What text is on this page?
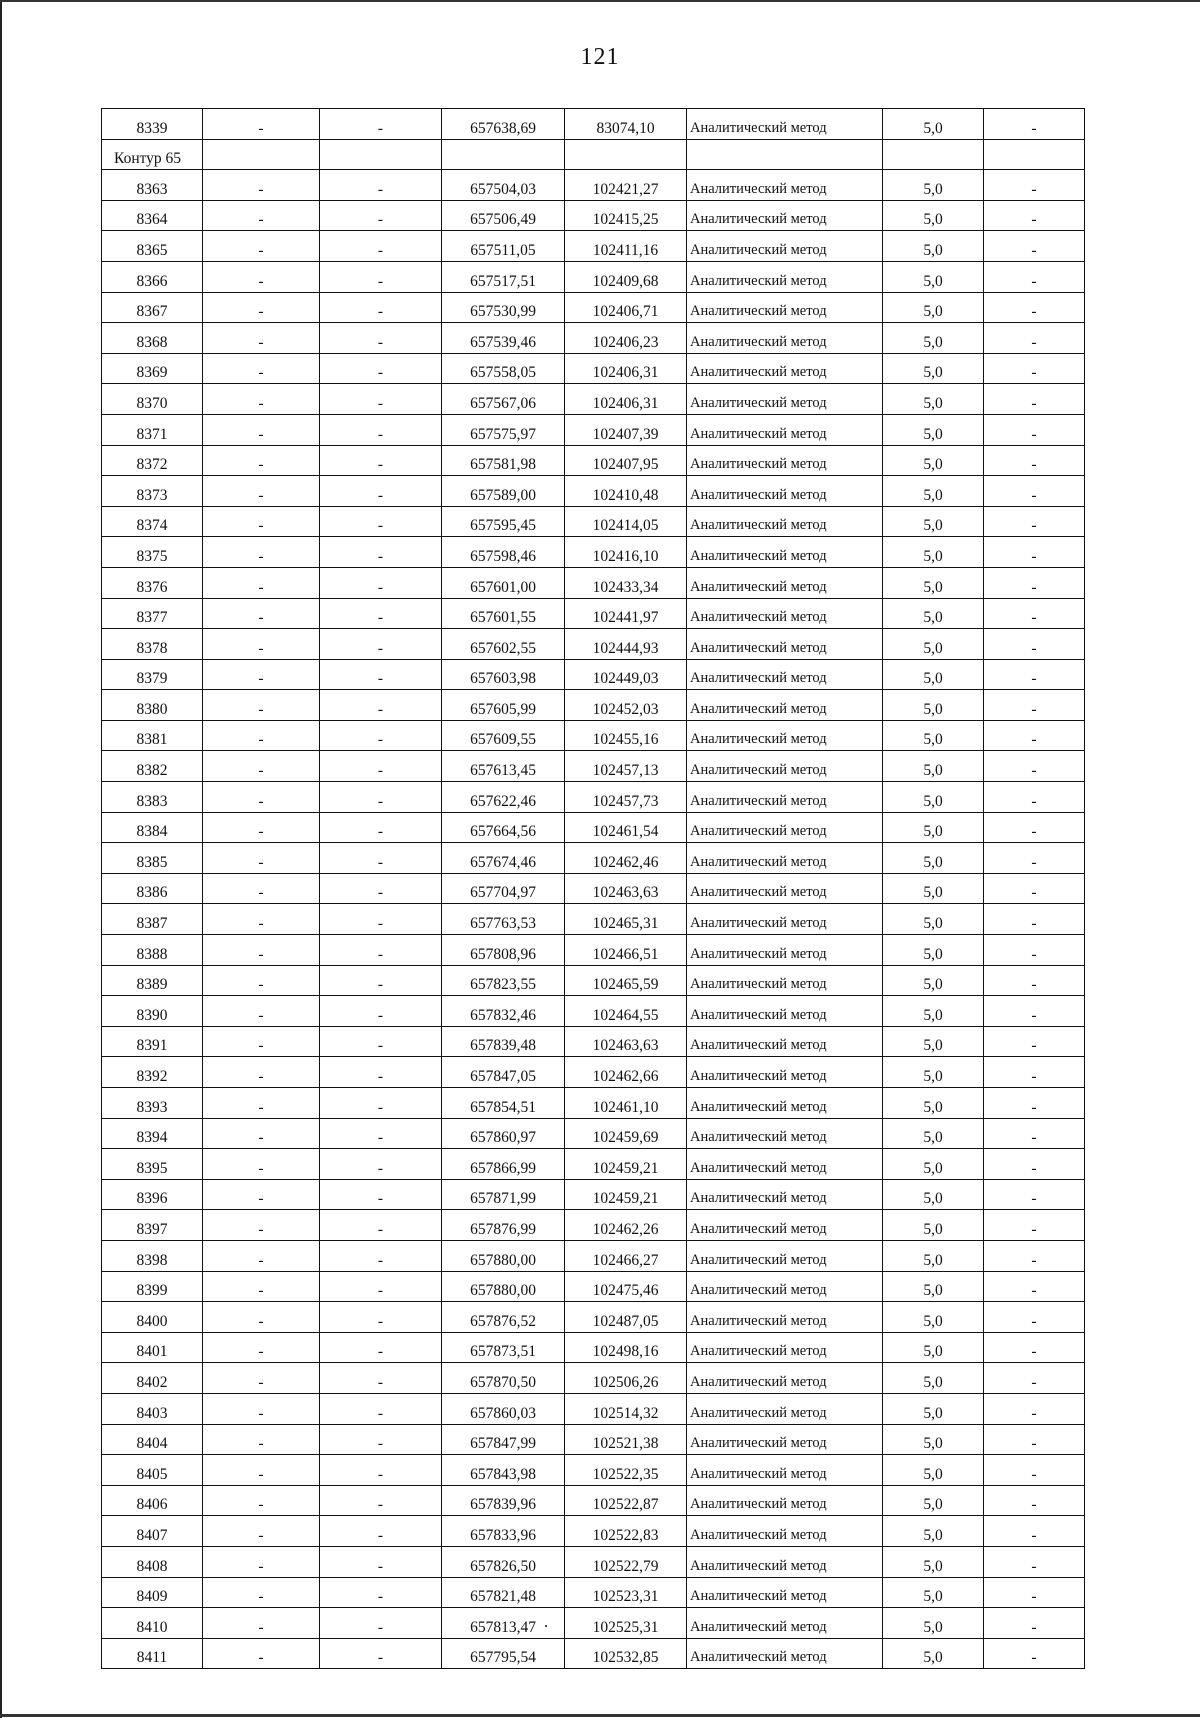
121
8339	-	-	657638,69	83074,10	Аналитический метод	5,0	-
Контур 65							
8363	-	-	657504,03	102421,27	Аналитический метод	5,0	-
8364	-	-	657506,49	102415,25	Аналитический метод	5,0	-
8365	-	-	657511,05	102411,16	Аналитический метод	5,0	-
8366	-	-	657517,51	102409,68	Аналитический метод	5,0	-
8367	-	-	657530,99	102406,71	Аналитический метод	5,0	-
8368	-	-	657539,46	102406,23	Аналитический метод	5,0	-
8369	-	-	657558,05	102406,31	Аналитический метод	5,0	-
8370	-	-	657567,06	102406,31	Аналитический метод	5,0	-
8371	-	-	657575,97	102407,39	Аналитический метод	5,0	-
8372	-	-	657581,98	102407,95	Аналитический метод	5,0	-
8373	-	-	657589,00	102410,48	Аналитический метод	5,0	-
8374	-	-	657595,45	102414,05	Аналитический метод	5,0	-
8375	-	-	657598,46	102416,10	Аналитический метод	5,0	-
8376	-	-	657601,00	102433,34	Аналитический метод	5,0	-
8377	-	-	657601,55	102441,97	Аналитический метод	5,0	-
8378	-	-	657602,55	102444,93	Аналитический метод	5,0	-
8379	-	-	657603,98	102449,03	Аналитический метод	5,0	-
8380	-	-	657605,99	102452,03	Аналитический метод	5,0	-
8381	-	-	657609,55	102455,16	Аналитический метод	5,0	-
8382	-	-	657613,45	102457,13	Аналитический метод	5,0	-
8383	-	-	657622,46	102457,73	Аналитический метод	5,0	-
8384	-	-	657664,56	102461,54	Аналитический метод	5,0	-
8385	-	-	657674,46	102462,46	Аналитический метод	5,0	-
8386	-	-	657704,97	102463,63	Аналитический метод	5,0	-
8387	-	-	657763,53	102465,31	Аналитический метод	5,0	-
8388	-	-	657808,96	102466,51	Аналитический метод	5,0	-
8389	-	-	657823,55	102465,59	Аналитический метод	5,0	-
8390	-	-	657832,46	102464,55	Аналитический метод	5,0	-
8391	-	-	657839,48	102463,63	Аналитический метод	5,0	-
8392	-	-	657847,05	102462,66	Аналитический метод	5,0	-
8393	-	-	657854,51	102461,10	Аналитический метод	5,0	-
8394	-	-	657860,97	102459,69	Аналитический метод	5,0	-
8395	-	-	657866,99	102459,21	Аналитический метод	5,0	-
8396	-	-	657871,99	102459,21	Аналитический метод	5,0	-
8397	-	-	657876,99	102462,26	Аналитический метод	5,0	-
8398	-	-	657880,00	102466,27	Аналитический метод	5,0	-
8399	-	-	657880,00	102475,46	Аналитический метод	5,0	-
8400	-	-	657876,52	102487,05	Аналитический метод	5,0	-
8401	-	-	657873,51	102498,16	Аналитический метод	5,0	-
8402	-	-	657870,50	102506,26	Аналитический метод	5,0	-
8403	-	-	657860,03	102514,32	Аналитический метод	5,0	-
8404	-	-	657847,99	102521,38	Аналитический метод	5,0	-
8405	-	-	657843,98	102522,35	Аналитический метод	5,0	-
8406	-	-	657839,96	102522,87	Аналитический метод	5,0	-
8407	-	-	657833,96	102522,83	Аналитический метод	5,0	-
8408	-	-	657826,50	102522,79	Аналитический метод	5,0	-
8409	-	-	657821,48	102523,31	Аналитический метод	5,0	-
8410	-	-	657813,47	102525,31	Аналитический метод	5,0	-
8411	-	-	657795,54	102532,85	Аналитический метод	5,0	-
